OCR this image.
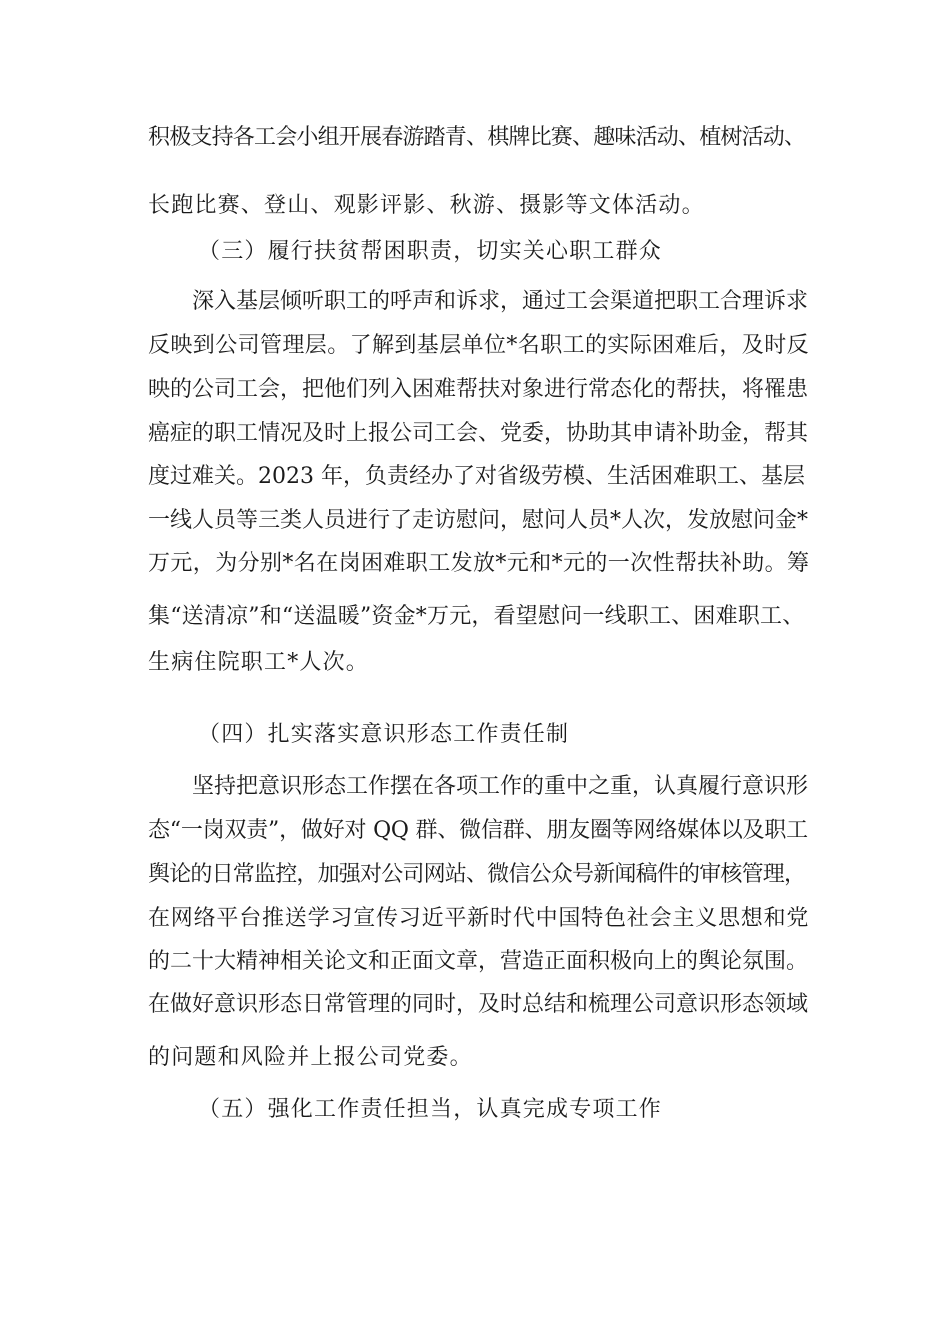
积极支持各工会小组开展春游踏青、棋牌比赛、趣味活动、植树活动、
长跑比赛、登山、观影评影、秋游、摄影等文体活动。
（三）履行扶贫帮困职责，切实关心职工群众
深入基层倾听职工的呼声和诉求，通过工会渠道把职工合理诉求
反映到公司管理层。了解到基层单位*名职工的实际困难后，及时反
映的公司工会，把他们列入困难帮扶对象进行常态化的帮扶，将罹患
癌症的职工情况及时上报公司工会、党委，协助其申请补助金，帮其
度过难关。2023 年，负责经办了对省级劳模、生活困难职工、基层
一线人员等三类人员进行了走访慰问，慰问人员*人次，发放慰问金*
万元，为分别*名在岗困难职工发放*元和*元的一次性帮扶补助。筹
集“送清凉”和“送温暖”资金*万元，看望慰问一线职工、困难职工、
生病住院职工*人次。
（四）扎实落实意识形态工作责任制
坚持把意识形态工作摆在各项工作的重中之重，认真履行意识形
态“一岗双责”，做好对 QQ 群、微信群、朋友圈等网络媒体以及职工
舆论的日常监控，加强对公司网站、微信公众号新闻稿件的审核管理，
在网络平台推送学习宣传习近平新时代中国特色社会主义思想和党
的二十大精神相关论文和正面文章，营造正面积极向上的舆论氛围。
在做好意识形态日常管理的同时，及时总结和梳理公司意识形态领域
的问题和风险并上报公司党委。
（五）强化工作责任担当，认真完成专项工作
